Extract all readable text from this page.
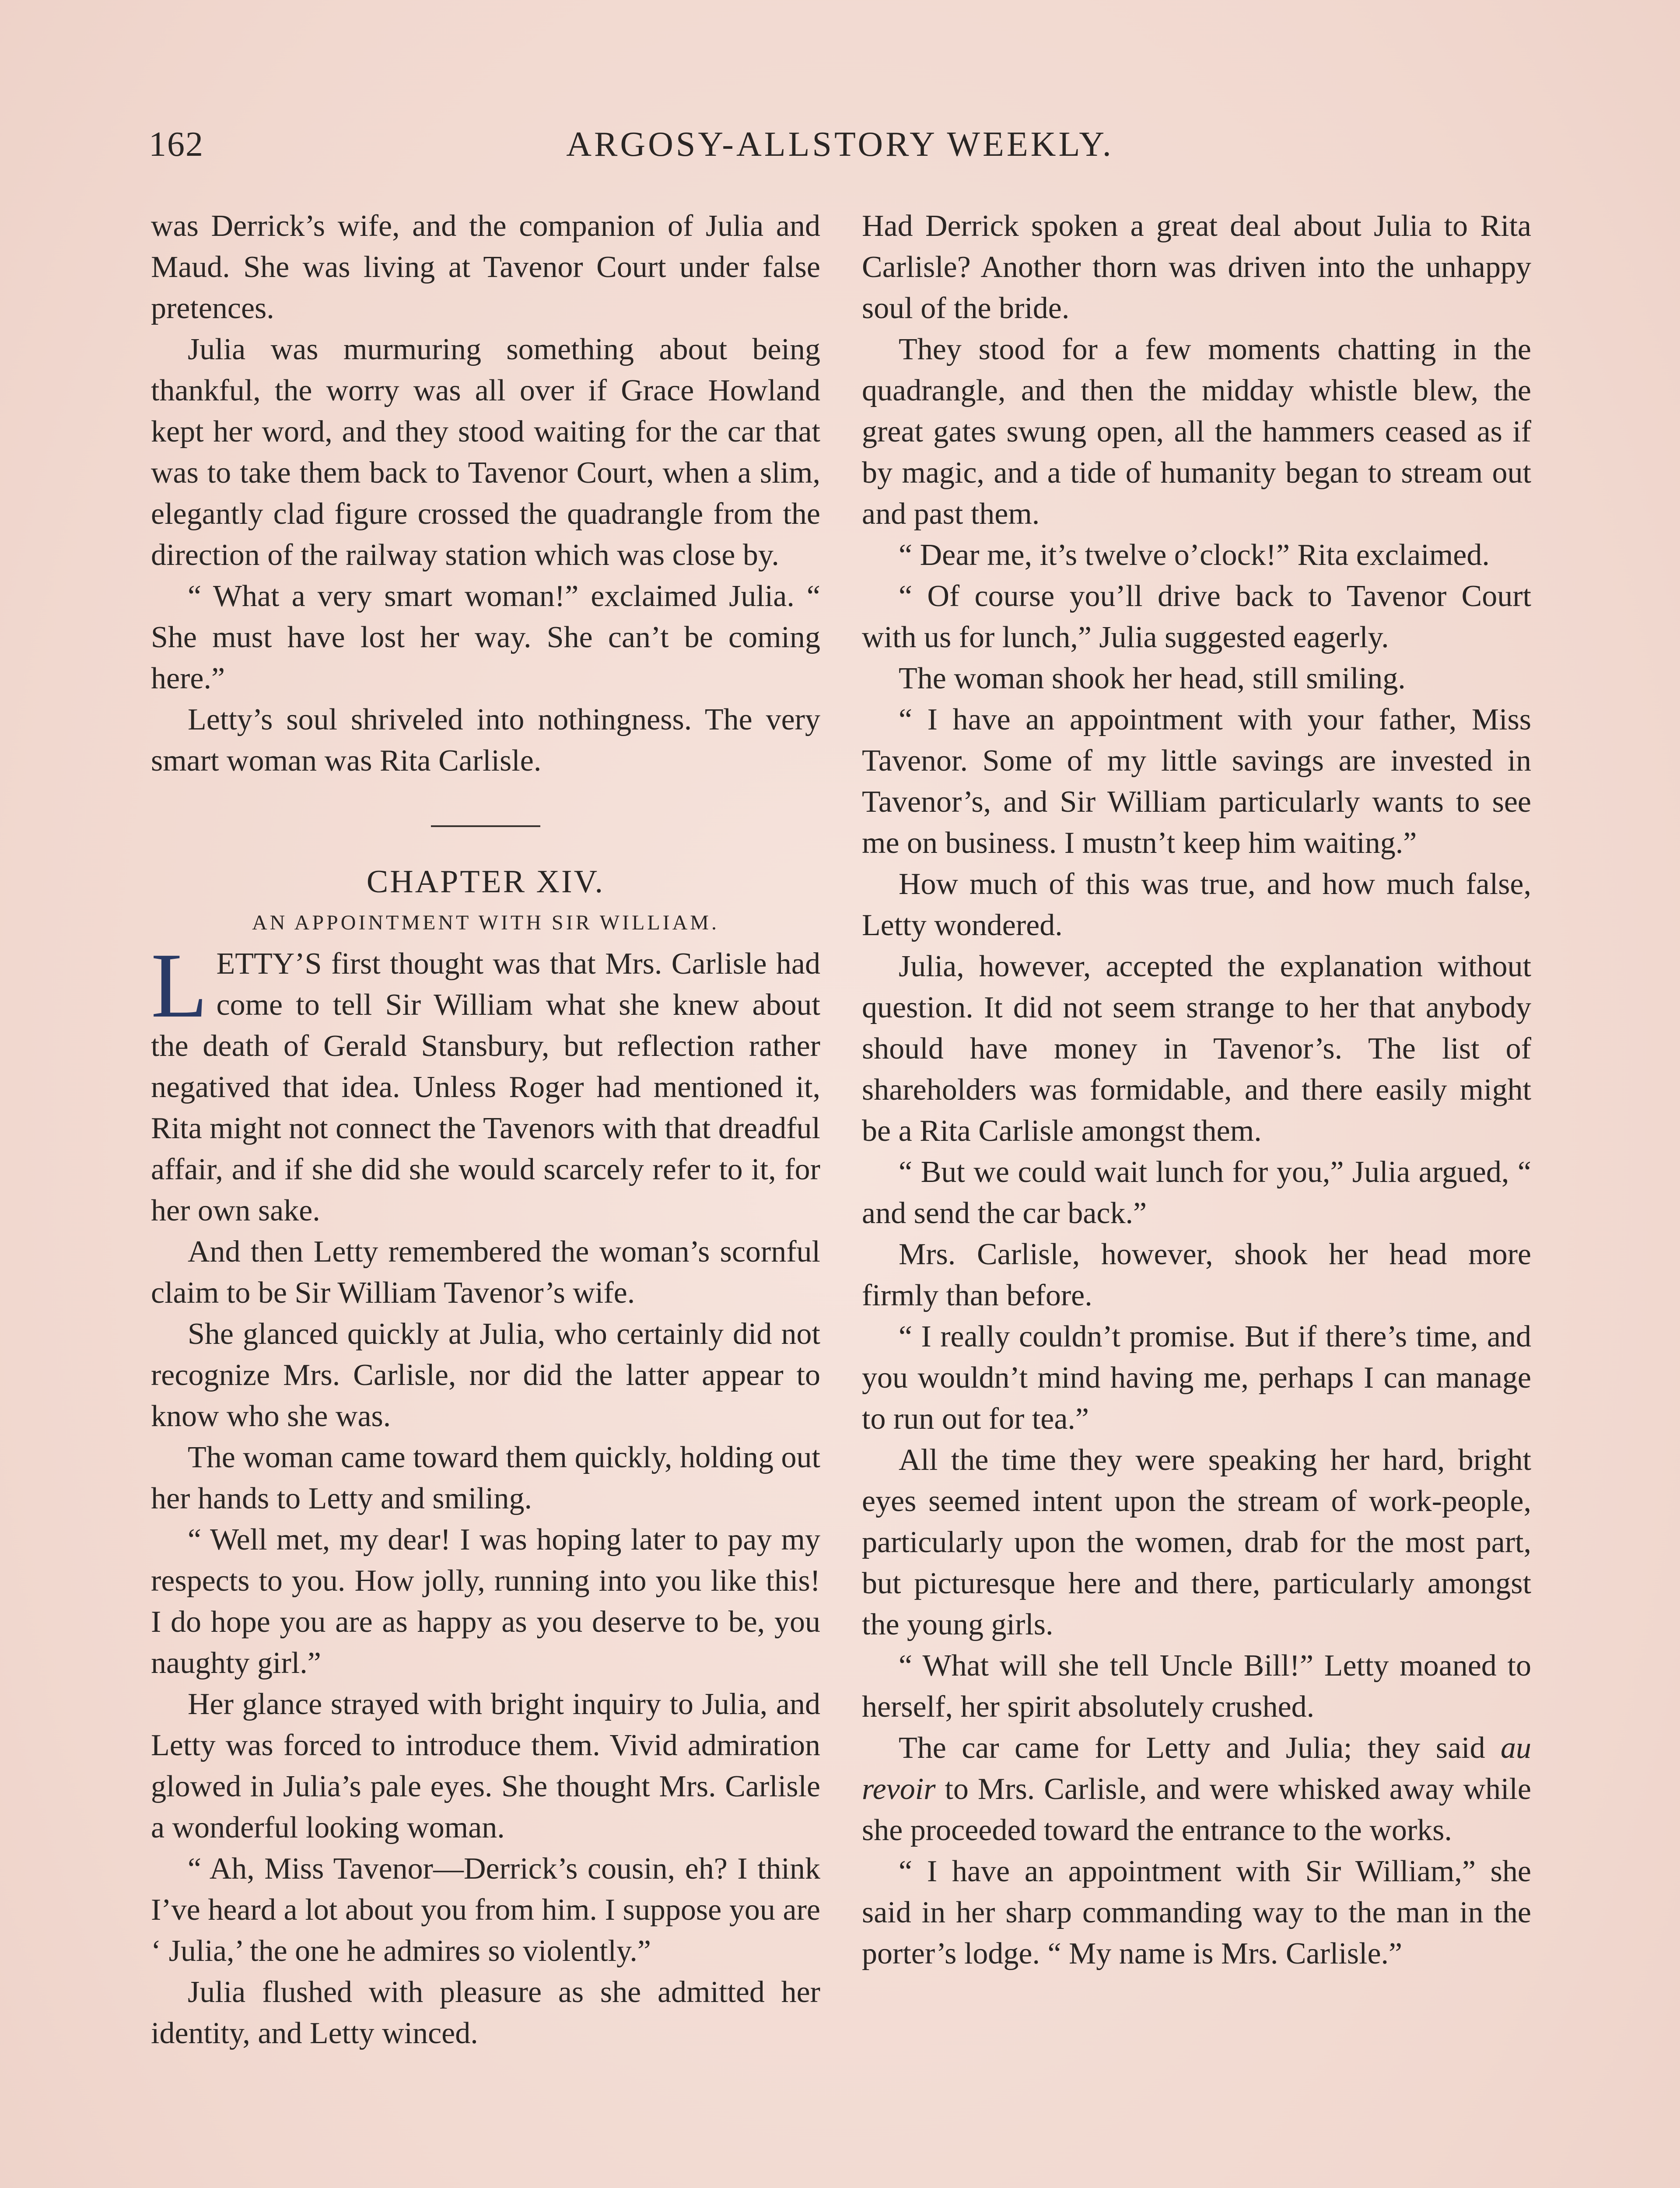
162	ARGOSY-ALLSTORY WEEKLY.

was Derrick’s wife, and the companion of Julia and Maud. She was living at Tavenor Court under false pretences.

Julia was murmuring something about being thankful, the worry was all over if Grace Howland kept her word, and they stood waiting for the car that was to take them back to Tavenor Court, when a slim, elegantly clad figure crossed the quadrangle from the direction of the railway station which was close by.

“ What a very smart woman!” exclaimed Julia. “ She must have lost her way. She can’t be coming here.”

Letty’s soul shriveled into nothingness. The very smart woman was Rita Carlisle.

CHAPTER XIV.

AN APPOINTMENT WITH SIR WILLIAM.

LETTY’S first thought was that Mrs. Carlisle had come to tell Sir William what she knew about the death of Gerald Stansbury, but reflection rather negatived that idea. Unless Roger had mentioned it, Rita might not connect the Tavenors with that dreadful affair, and if she did she would scarcely refer to it, for her own sake.

And then Letty remembered the woman’s scornful claim to be Sir William Tavenor’s wife.

She glanced quickly at Julia, who certainly did not recognize Mrs. Carlisle, nor did the latter appear to know who she was.

The woman came toward them quickly, holding out her hands to Letty and smiling.

“ Well met, my dear! I was hoping later to pay my respects to you. How jolly, running into you like this! I do hope you are as happy as you deserve to be, you naughty girl.”

Her glance strayed with bright inquiry to Julia, and Letty was forced to introduce them. Vivid admiration glowed in Julia’s pale eyes. She thought Mrs. Carlisle a wonderful looking woman.

“ Ah, Miss Tavenor—Derrick’s cousin, eh? I think I’ve heard a lot about you from him. I suppose you are ‘ Julia,’ the one he admires so violently.”

Julia flushed with pleasure as she admitted her identity, and Letty winced.

Had Derrick spoken a great deal about Julia to Rita Carlisle? Another thorn was driven into the unhappy soul of the bride.

They stood for a few moments chatting in the quadrangle, and then the midday whistle blew, the great gates swung open, all the hammers ceased as if by magic, and a tide of humanity began to stream out and past them.

“ Dear me, it’s twelve o’clock!” Rita exclaimed.

“ Of course you’ll drive back to Tavenor Court with us for lunch,” Julia suggested eagerly.

The woman shook her head, still smiling.

“ I have an appointment with your father, Miss Tavenor. Some of my little savings are invested in Tavenor’s, and Sir William particularly wants to see me on business. I mustn’t keep him waiting.”

How much of this was true, and how much false, Letty wondered.

Julia, however, accepted the explanation without question. It did not seem strange to her that anybody should have money in Tavenor’s. The list of shareholders was formidable, and there easily might be a Rita Carlisle amongst them.

“ But we could wait lunch for you,” Julia argued, “ and send the car back.”

Mrs. Carlisle, however, shook her head more firmly than before.

“ I really couldn’t promise. But if there’s time, and you wouldn’t mind having me, perhaps I can manage to run out for tea.”

All the time they were speaking her hard, bright eyes seemed intent upon the stream of work-people, particularly upon the women, drab for the most part, but picturesque here and there, particularly amongst the young girls.

“ What will she tell Uncle Bill!” Letty moaned to herself, her spirit absolutely crushed.

The car came for Letty and Julia; they said au revoir to Mrs. Carlisle, and were whisked away while she proceeded toward the entrance to the works.

“ I have an appointment with Sir William,” she said in her sharp commanding way to the man in the porter’s lodge. “ My name is Mrs. Carlisle.”
